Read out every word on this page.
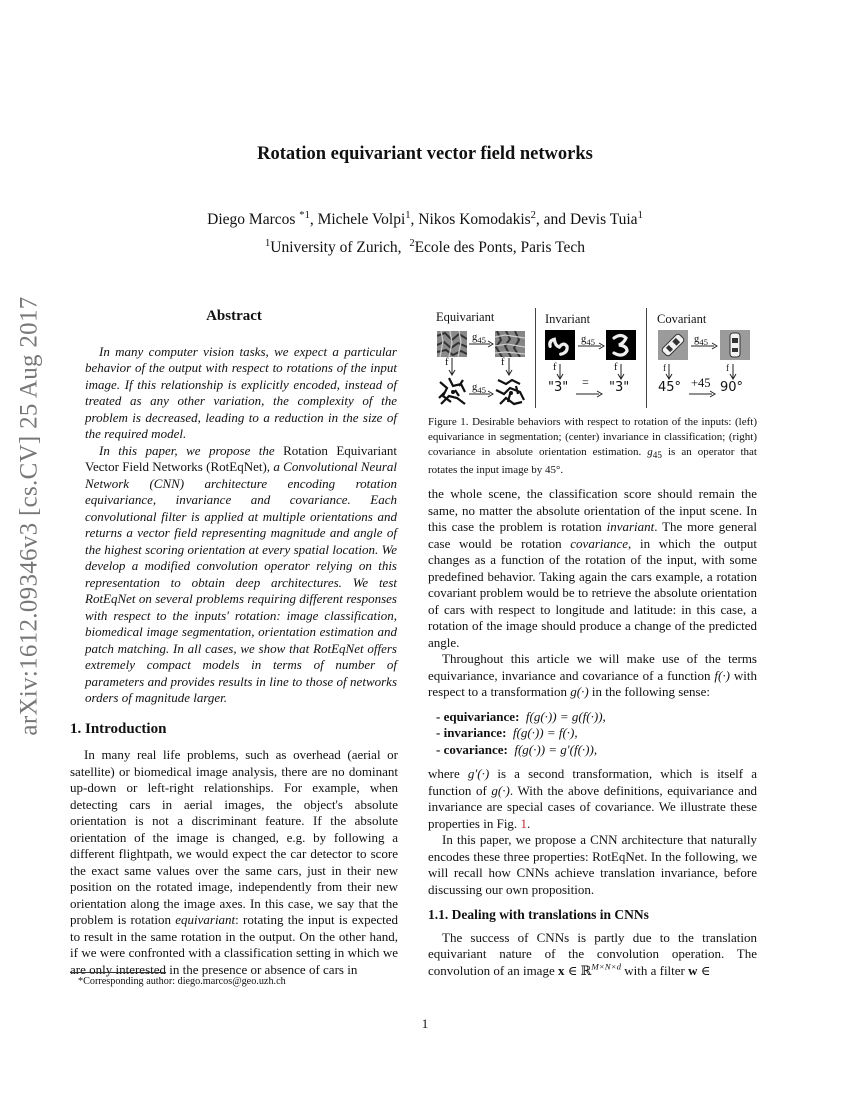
arXiv:1612.09346v3 [cs.CV] 25 Aug 2017
Rotation equivariant vector field networks
Diego Marcos $^{*1}$, Michele Volpi$^1$, Nikos Komodakis$^2$, and Devis Tuia$^1$
$^1$University of Zurich, $^2$Ecole des Ponts, Paris Tech
Abstract

In many computer vision tasks, we expect a particular behavior of the output with respect to rotations of the input image. If this relationship is explicitly encoded, instead of treated as any other variation, the complexity of the problem is decreased, leading to a reduction in the size of the required model.

In this paper, we propose the Rotation Equivariant Vector Field Networks (RotEqNet), a Convolutional Neural Network (CNN) architecture encoding rotation equivariance, invariance and covariance. Each convolutional filter is applied at multiple orientations and returns a vector field representing magnitude and angle of the highest scoring orientation at every spatial location. We develop a modified convolution operator relying on this representation to obtain deep architectures. We test RotEqNet on several problems requiring different responses with respect to the inputs' rotation: image classification, biomedical image segmentation, orientation estimation and patch matching. In all cases, we show that RotEqNet offers extremely compact models in terms of number of parameters and provides results in line to those of networks orders of magnitude larger.

1. Introduction

In many real life problems, such as overhead (aerial or satellite) or biomedical image analysis, there are no dominant up-down or left-right relationships. For example, when detecting cars in aerial images, the object's absolute orientation is not a discriminant feature. If the absolute orientation of the image is changed, e.g. by following a different flightpath, we would expect the car detector to score the exact same values over the same cars, just in their new position on the rotated image, independently from their new orientation along the image axes. In this case, we say that the problem is rotation equivariant: rotating the input is expected to result in the same rotation in the output. On the other hand, if we were confronted with a classification setting in which we are only interested in the presence or absence of cars in

Equivariant
$g_{45}$
f	f
$g_{45}$
Invariant
$g_{45}$
f	f
"3" = "3"
Covariant
$g_{45}$
f	f
45° +45 90°
Figure 1. Desirable behaviors with respect to rotation of the inputs: (left) equivariance in segmentation; (center) invariance in classification; (right) covariance in absolute orientation estimation. $g_{45}$ is an operator that rotates the input image by 45°.

the whole scene, the classification score should remain the same, no matter the absolute orientation of the input scene. In this case the problem is rotation invariant. The more general case would be rotation covariance, in which the output changes as a function of the rotation of the input, with some predefined behavior. Taking again the cars example, a rotation covariant problem would be to retrieve the absolute orientation of cars with respect to longitude and latitude: in this case, a rotation of the image should produce a change of the predicted angle.

Throughout this article we will make use of the terms equivariance, invariance and covariance of a function f(·) with respect to a transformation g(·) in the following sense:

- equivariance: f(g(·)) = g(f(·)),
- invariance: f(g(·)) = f(·),
- covariance: f(g(·)) = g′(f(·)),

where g′(·) is a second transformation, which is itself a function of g(·). With the above definitions, equivariance and invariance are special cases of covariance. We illustrate these properties in Fig. 1.

In this paper, we propose a CNN architecture that naturally encodes these three properties: RotEqNet. In the following, we will recall how CNNs achieve translation invariance, before discussing our own proposition.

1.1. Dealing with translations in CNNs

The success of CNNs is partly due to the translation equivariant nature of the convolution operation. The convolution of an image x ∈ ℝ$^{M\times N\times d}$ with a filter w ∈

*Corresponding author: diego.marcos@geo.uzh.ch
1
